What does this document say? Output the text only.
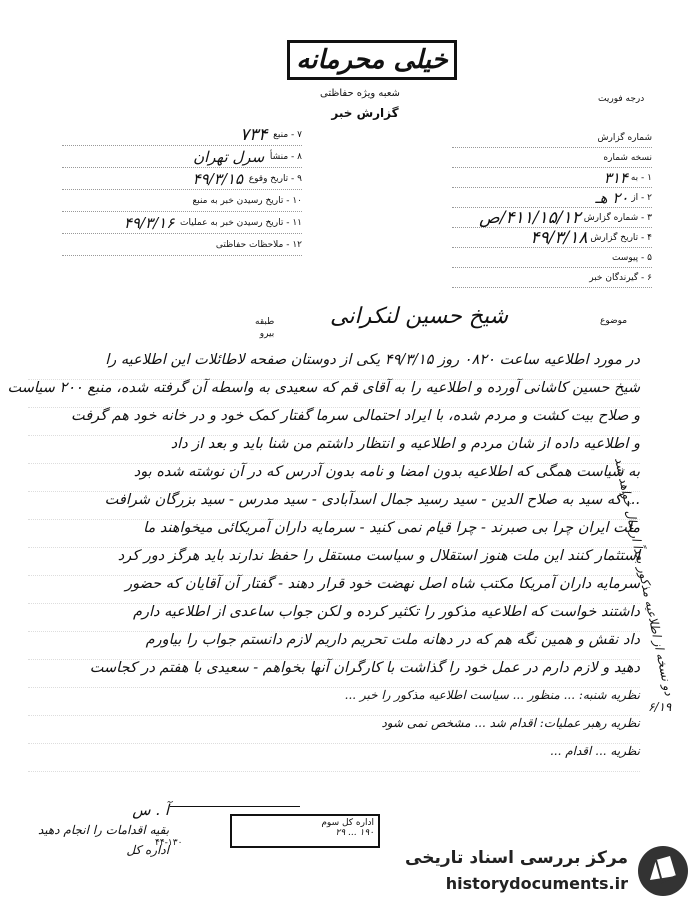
خیلی محرمانه
شعبه ویژه حفاظتی
گزارش خبر
درجه فوریت
شماره گزارش

نسخه شماره

۱ - به

۳۱۴
۲ - از

۲۰ هـ
۳ - شماره گزارش

۴۱۱/۱۵/۱۲/ص
۴ - تاریخ گزارش

۴۹/۳/۱۸
۵ - پیوست

۶ - گیرندگان خبر

۷ - منبع

۷۳۴
۸ - منشأ

سرل تهران
۹ - تاریخ وقوع

۴۹/۳/۱۵
۱۰ - تاریخ رسیدن خبر به منبع

۱۱ - تاریخ رسیدن خبر به عملیات

۴۹/۳/۱۶
۱۲ - ملاحظات حفاظتی

موضوع
شیخ حسین لنکرانی
طبقه
بیرو
در مورد اطلاعیه ساعت ۰۸۲۰ روز ۴۹/۳/۱۵ یکی از دوستان صفحه لاطائلات این اطلاعیه را
شیخ حسین کاشانی آورده و اطلاعیه را به آقای قم که سعیدی به واسطه آن گرفته شده، منبع ۲۰۰ سیاست
و صلاح بیت کشت و مردم شده، با ایراد احتمالی سرما گفتار کمک خود و در خانه خود هم گرفت
و اطلاعیه داده از شان مردم و اطلاعیه و انتظار داشتم من شنا باید و بعد از داد
به سیاست همگی که اطلاعیه بدون امضا و نامه بدون آدرس که در آن نوشته شده بود
... که سید به صلاح الدین - سید رسید جمال اسدآبادی - سید مدرس - سید بزرگان شرافت
ملت ایران چرا بی صبرند - چرا قیام نمی کنید - سرمایه داران آمریکائی میخواهند ما
استثمار کنند این ملت هنوز استقلال و سیاست مستقل را حفظ ندارند باید هرگز دور کرد
سرمایه داران آمریکا مکتب شاه اصل نهضت خود قرار دهند - گفتار آن آقایان که حضور
داشتند خواست که اطلاعیه مذکور را تکثیر کرده و لکن جواب ساعدی از اطلاعیه دارم
داد نقش و همین نگه هم که در دهانه ملت تحریم داریم لازم دانستم جواب را بیاورم
دهید و لازم دارم در عمل خود را گذاشت با کارگران آنها بخواهم - سعیدی با هفتم در کجاست
نظریه شنبه: ... منظور ... سیاست اطلاعیه مذکور را خبر ...
نظریه رهبر عملیات: اقدام شد ... مشخص نمی شود
نظریه ... اقدام ...
دو نسخه از اطلاعیه مذکور بعداً ارسال خواهد شد
۶/۱۹
اداره کل سوم
۱۹۰ ... ۲۹
آ . س
بقیه اقدامات را انجام دهید
اداره کل
۴۴-۱۳۰
مرکز بررسی اسناد تاریخی
historydocuments.ir
